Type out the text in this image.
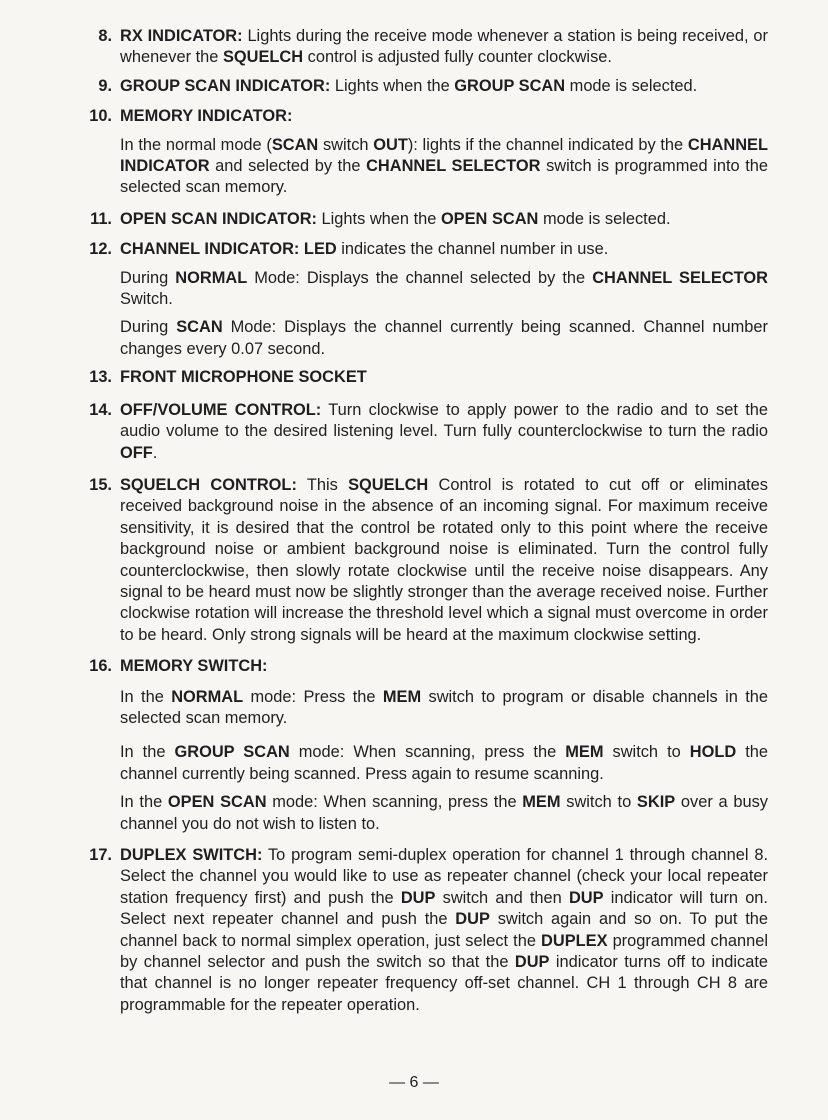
8. RX INDICATOR: Lights during the receive mode whenever a station is being received, or whenever the SQUELCH control is adjusted fully counter clockwise.

9. GROUP SCAN INDICATOR: Lights when the GROUP SCAN mode is selected.

10. MEMORY INDICATOR:

In the normal mode (SCAN switch OUT): lights if the channel indicated by the CHANNEL INDICATOR and selected by the CHANNEL SELECTOR switch is programmed into the selected scan memory.

11. OPEN SCAN INDICATOR: Lights when the OPEN SCAN mode is selected.

12. CHANNEL INDICATOR: LED indicates the channel number in use.

During NORMAL Mode: Displays the channel selected by the CHANNEL SELECTOR Switch.

During SCAN Mode: Displays the channel currently being scanned. Channel number changes every 0.07 second.

13. FRONT MICROPHONE SOCKET

14. OFF/VOLUME CONTROL: Turn clockwise to apply power to the radio and to set the audio volume to the desired listening level. Turn fully counterclockwise to turn the radio OFF.

15. SQUELCH CONTROL: This SQUELCH Control is rotated to cut off or eliminates received background noise in the absence of an incoming signal. For maximum receive sensitivity, it is desired that the control be rotated only to this point where the receive background noise or ambient background noise is eliminated. Turn the control fully counterclockwise, then slowly rotate clockwise until the receive noise disappears. Any signal to be heard must now be slightly stronger than the average received noise. Further clockwise rotation will increase the threshold level which a signal must overcome in order to be heard. Only strong signals will be heard at the maximum clockwise setting.

16. MEMORY SWITCH:

In the NORMAL mode: Press the MEM switch to program or disable channels in the selected scan memory.

In the GROUP SCAN mode: When scanning, press the MEM switch to HOLD the channel currently being scanned. Press again to resume scanning.

In the OPEN SCAN mode: When scanning, press the MEM switch to SKIP over a busy channel you do not wish to listen to.

17. DUPLEX SWITCH: To program semi-duplex operation for channel 1 through channel 8. Select the channel you would like to use as repeater channel (check your local repeater station frequency first) and push the DUP switch and then DUP indicator will turn on. Select next repeater channel and push the DUP switch again and so on. To put the channel back to normal simplex operation, just select the DUPLEX programmed channel by channel selector and push the switch so that the DUP indicator turns off to indicate that channel is no longer repeater frequency off-set channel. CH 1 through CH 8 are programmable for the repeater operation.

— 6 —
